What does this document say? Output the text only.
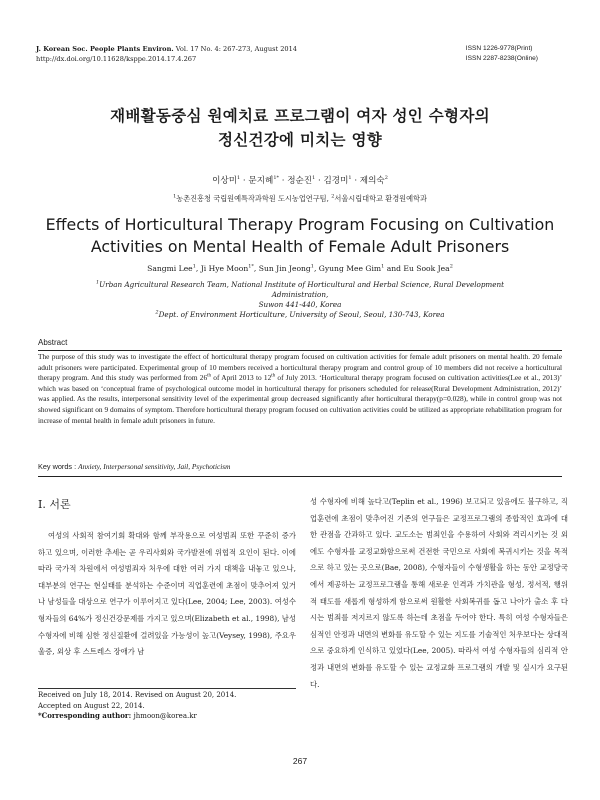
J. Korean Soc. People Plants Environ. Vol. 17 No. 4: 267-273, August 2014
http://dx.doi.org/10.11628/ksppe.2014.17.4.267
ISSN 1226-9778(Print)
ISSN 2287-8238(Online)
재배활동중심 원예치료 프로그램이 여자 성인 수형자의
정신건강에 미치는 영향
이상미$^1$ · 문지혜$^{1*}$ · 정순진$^1$ · 김경미$^1$ · 제의숙$^2$
$^1$농촌진흥청 국립원예특작과학원 도시농업연구팀, $^2$서울시립대학교 환경원예학과
Effects of Horticultural Therapy Program Focusing on Cultivation
Activities on Mental Health of Female Adult Prisoners
Sangmi Lee$^1$, Ji Hye Moon$^{1*}$, Sun Jin Jeong$^1$, Gyung Mee Gim$^1$ and Eu Sook Jea$^2$
$^1$Urban Agricultural Research Team, National Institute of Horticultural and Herbal Science, Rural Development Administration,
Suwon 441-440, Korea
$^2$Dept. of Environment Horticulture, University of Seoul, Seoul, 130-743, Korea
Abstract

The purpose of this study was to investigate the effect of horticultural therapy program focused on cultivation activities for female adult prisoners on mental health. 20 female adult prisoners were participated. Experimental group of 10 members received a horticultural therapy program and control group of 10 members did not receive a horticultural therapy program. And this study was performed from 26th of April 2013 to 12th of July 2013. ‘Horticultural therapy program focused on cultivation activities(Lee et al., 2013)’ which was based on ‘conceptual frame of psychological outcome model in horticultural therapy for prisoners scheduled for release(Rural Development Administration, 2012)’ was applied. As the results, interpersonal sensitivity level of the experimental group decreased significantly after horticultural therapy(p=0.028), while in control group was not showed significant on 9 domains of symptom. Therefore horticultural therapy program focused on cultivation activities could be utilized as appropriate rehabilitation program for increase of mental health in female adult prisoners in future.

Key words : Anxiety, Interpersonal sensitivity, Jail, Psychoticism
Ⅰ. 서론

여성의 사회적 참여기회 확대와 함께 부작용으로 여성범죄 또한 꾸준히 증가하고 있으며, 이러한 추세는 곧 우리사회와 국가발전에 위협적 요인이 된다. 이에 따라 국가적 차원에서 여성범죄자 처우에 대한 여러 가지 대책을 내놓고 있으나, 대부분의 연구는 현실태를 분석하는 수준이며 직업훈련에 초점이 맞추어져 있거나 남성들을 대상으로 연구가 이루어지고 있다(Lee, 2004; Lee, 2003). 여성수형자들의 64%가 정신건강문제를 가지고 있으며(Elizabeth et al., 1998), 남성수형자에 비해 심한 정신질환에 걸려있을 가능성이 높고(Veysey, 1998), 주요우울증, 외상 후 스트레스 장애가 남

성 수형자에 비해 높다고(Teplin et al., 1996) 보고되고 있음에도 불구하고, 직업훈련에 초점이 맞추어진 기존의 연구들은 교정프로그램의 종합적인 효과에 대한 관점을 간과하고 있다. 교도소는 범죄인을 수용하여 사회와 격리시키는 것 외에도 수형자를 교정교화함으로써 건전한 국민으로 사회에 복귀시키는 것을 목적으로 하고 있는 곳으로(Bae, 2008), 수형자들이 수형생활을 하는 동안 교정당국에서 제공하는 교정프로그램을 통해 새로운 인격과 가치관을 형성, 정서적, 행위적 태도를 새롭게 형성하게 함으로써 원활한 사회복귀를 돕고 나아가 출소 후 다시는 범죄를 저지르지 않도록 하는데 초점을 두어야 한다. 특히 여성 수형자들은 심적인 안정과 내면의 변화를 유도할 수 있는 지도를 기술적인 처우보다는 상대적으로 중요하게 인식하고 있었다(Lee, 2005). 따라서 여성 수형자들의 심리적 안정과 내면의 변화를 유도할 수 있는 교정교화 프로그램의 개발 및 실시가 요구된다.

Received on July 18, 2014. Revised on August 20, 2014.
Accepted on August 22, 2014.
*Corresponding author: jhmoon@korea.kr
267
